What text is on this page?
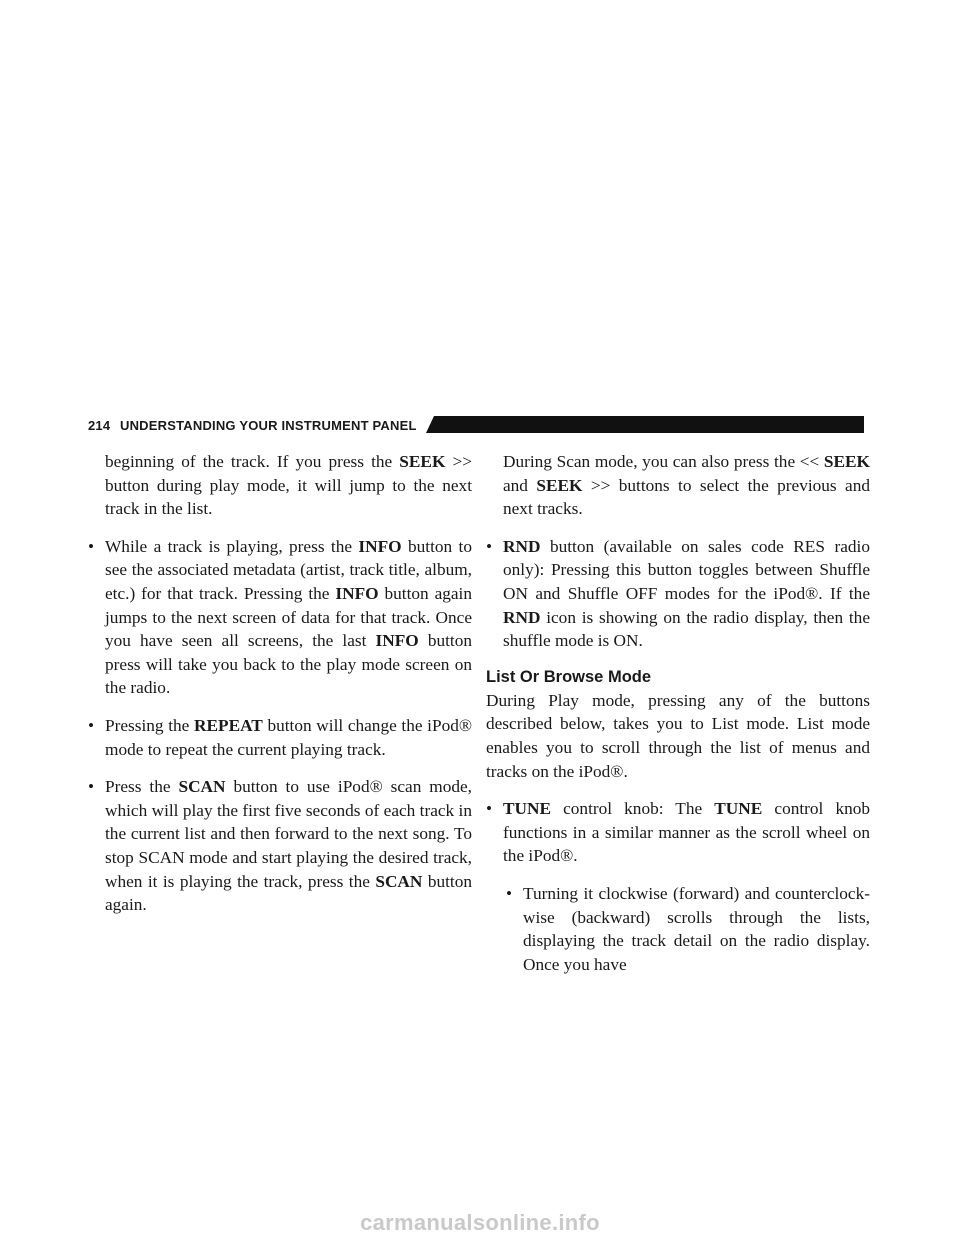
214 UNDERSTANDING YOUR INSTRUMENT PANEL

beginning of the track. If you press the SEEK >> button during play mode, it will jump to the next track in the list.

• While a track is playing, press the INFO button to see the associated metadata (artist, track title, album, etc.) for that track. Pressing the INFO button again jumps to the next screen of data for that track. Once you have seen all screens, the last INFO button press will take you back to the play mode screen on the radio.
• Pressing the REPEAT button will change the iPod® mode to repeat the current playing track.
• Press the SCAN button to use iPod® scan mode, which will play the first five seconds of each track in the current list and then forward to the next song. To stop SCAN mode and start playing the desired track, when it is playing the track, press the SCAN button again.

During Scan mode, you can also press the << SEEK and SEEK >> buttons to select the previous and next tracks.

• RND button (available on sales code RES radio only): Pressing this button toggles between Shuffle ON and Shuffle OFF modes for the iPod®. If the RND icon is showing on the radio display, then the shuffle mode is ON.
List Or Browse Mode

During Play mode, pressing any of the buttons described below, takes you to List mode. List mode enables you to scroll through the list of menus and tracks on the iPod®.

• TUNE control knob: The TUNE control knob functions in a similar manner as the scroll wheel on the iPod®.
• Turning it clockwise (forward) and counterclock-wise (backward) scrolls through the lists, displaying the track detail on the radio display. Once you have
carmanualsonline.info
